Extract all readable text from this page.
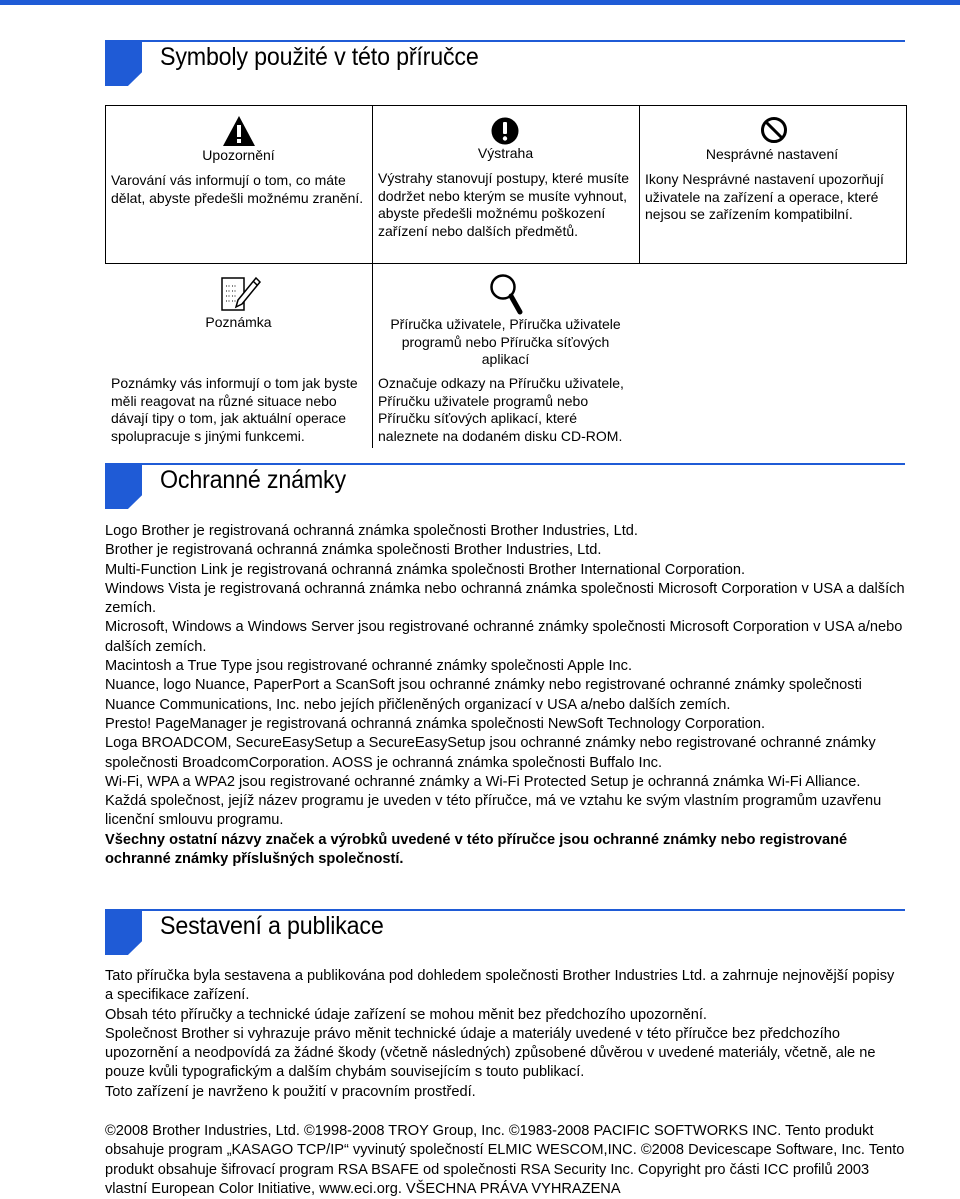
Symboly použité v této příručce
Upozornění
Varování vás informují o tom, co máte dělat, abyste předešli možnému zranění.
Výstraha
Výstrahy stanovují postupy, které musíte dodržet nebo kterým se musíte vyhnout, abyste předešli možnému poškození zařízení nebo dalších předmětů.
Nesprávné nastavení
Ikony Nesprávné nastavení upozorňují uživatele na zařízení a operace, které nejsou se zařízením kompatibilní.
Poznámka
Poznámky vás informují o tom jak byste měli reagovat na různé situace nebo dávají tipy o tom, jak aktuální operace spolupracuje s jinými funkcemi.
Příručka uživatele, Příručka uživatele programů nebo Příručka síťových aplikací
Označuje odkazy na Příručku uživatele, Příručku uživatele programů nebo Příručku síťových aplikací, které naleznete na dodaném disku CD-ROM.
Ochranné známky

Logo Brother je registrovaná ochranná známka společnosti Brother Industries, Ltd.

Brother je registrovaná ochranná známka společnosti Brother Industries, Ltd.

Multi-Function Link je registrovaná ochranná známka společnosti Brother International Corporation.

Windows Vista je registrovaná ochranná známka nebo ochranná známka společnosti Microsoft Corporation v USA a dalších zemích.

Microsoft, Windows a Windows Server jsou registrované ochranné známky společnosti Microsoft Corporation v USA a/nebo dalších zemích.

Macintosh a True Type jsou registrované ochranné známky společnosti Apple Inc.

Nuance, logo Nuance, PaperPort a ScanSoft jsou ochranné známky nebo registrované ochranné známky společnosti Nuance Communications, Inc. nebo jejích přičleněných organizací v USA a/nebo dalších zemích.

Presto! PageManager je registrovaná ochranná známka společnosti NewSoft Technology Corporation.

Loga BROADCOM, SecureEasySetup a SecureEasySetup jsou ochranné známky nebo registrované ochranné známky společnosti BroadcomCorporation. AOSS je ochranná známka společnosti Buffalo Inc.

Wi-Fi, WPA a WPA2 jsou registrované ochranné známky a Wi-Fi Protected Setup je ochranná známka Wi-Fi Alliance.

Každá společnost, jejíž název programu je uveden v této příručce, má ve vztahu ke svým vlastním programům uzavřenu licenční smlouvu programu.

Všechny ostatní názvy značek a výrobků uvedené v této příručce jsou ochranné známky nebo registrované ochranné známky příslušných společností.

Sestavení a publikace

Tato příručka byla sestavena a publikována pod dohledem společnosti Brother Industries Ltd. a zahrnuje nejnovější popisy a specifikace zařízení.

Obsah této příručky a technické údaje zařízení se mohou měnit bez předchozího upozornění.

Společnost Brother si vyhrazuje právo měnit technické údaje a materiály uvedené v této příručce bez předchozího upozornění a neodpovídá za žádné škody (včetně následných) způsobené důvěrou v uvedené materiály, včetně, ale ne pouze kvůli typografickým a dalším chybám souvisejícím s touto publikací.

Toto zařízení je navrženo k použití v pracovním prostředí.

©2008 Brother Industries, Ltd. ©1998-2008 TROY Group, Inc. ©1983-2008 PACIFIC SOFTWORKS INC. Tento produkt obsahuje program „KASAGO TCP/IP“ vyvinutý společností ELMIC WESCOM,INC. ©2008 Devicescape Software, Inc. Tento produkt obsahuje šifrovací program RSA BSAFE od společnosti RSA Security Inc. Copyright pro části ICC profilů 2003 vlastní European Color Initiative, www.eci.org. VŠECHNA PRÁVA VYHRAZENA
